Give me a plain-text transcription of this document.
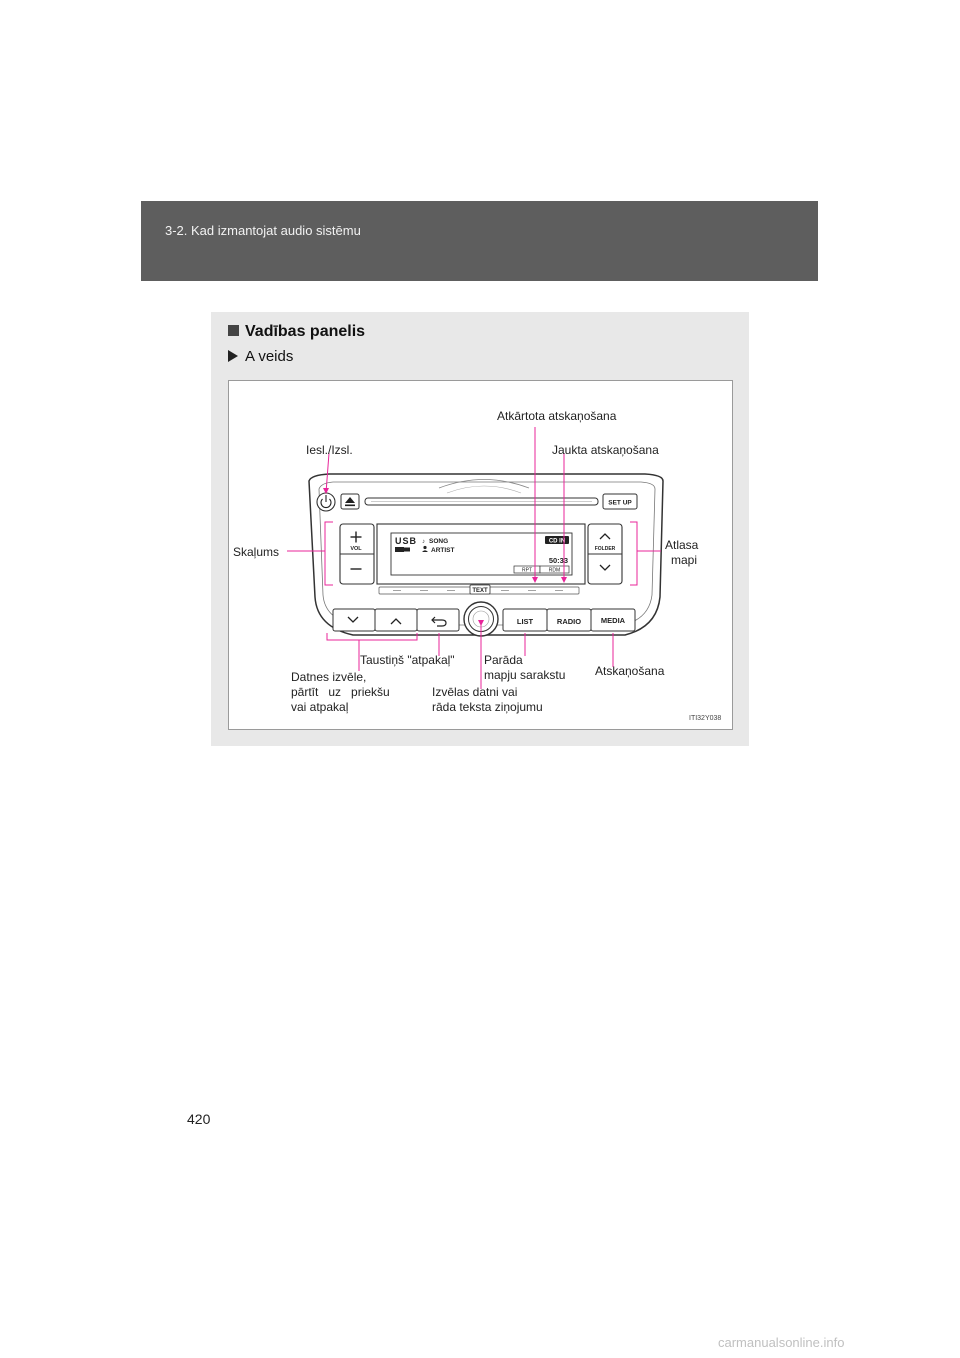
3-2. Kad izmantojat audio sistēmu
Vadības panelis
A veids
SET UP
VOL
USB ♪ SONG
ARTIST
CD IN
50:33
RPT	RDM
FOLDER
TEXT
LIST	RADIO	MEDIA
Atkārtota atskaņošana
Iesl./Izsl.	Jaukta atskaņošana
Skaļums	Atlasa
mapi
Taustiņš "atpakaļ" Parāda
mapju sarakstu Atskaņošana
Datnes izvēle,
pārtīt   uz   priekšu
vai atpakaļ
Izvēlas datni vai
rāda teksta ziņojumu
ITI32Y038
420
carmanualsonline.info
